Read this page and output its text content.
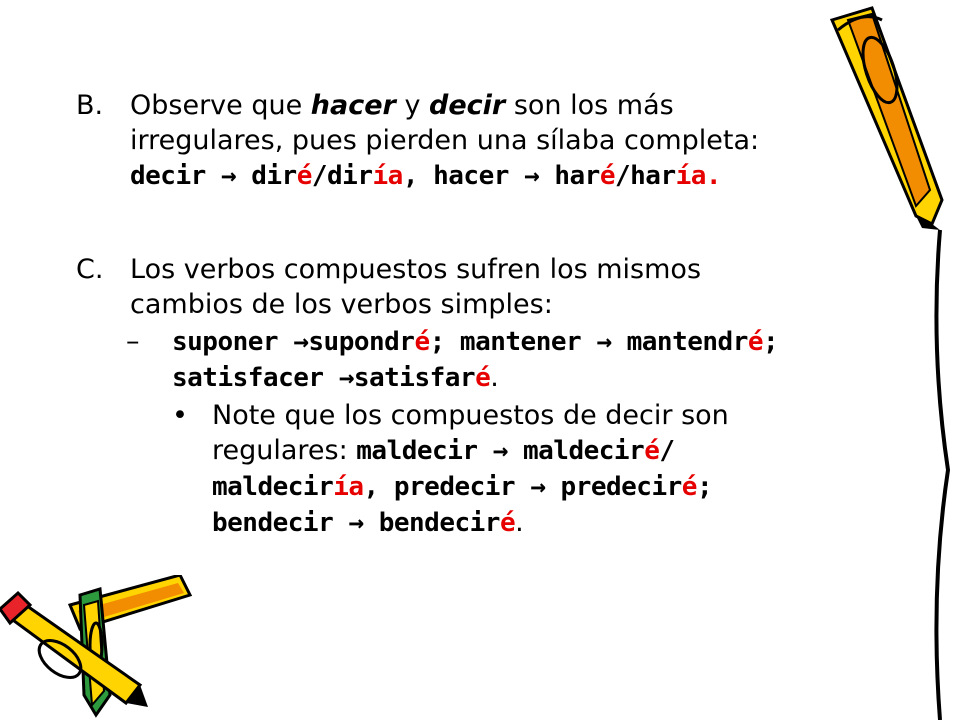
B. Observe que hacer y decir son los más irregulares, pues pierden una sílaba completa: decir → diré/diría, hacer → haré/haría.
C. Los verbos compuestos sufren los mismos cambios de los verbos simples:
– suponer →supondré; mantener → mantendré; satisfacer →satisfaré.
• Note que los compuestos de decir son regulares: maldecir → maldeciré/ maldeciría, predecir → predeciré; bendecir → bendeciré.
